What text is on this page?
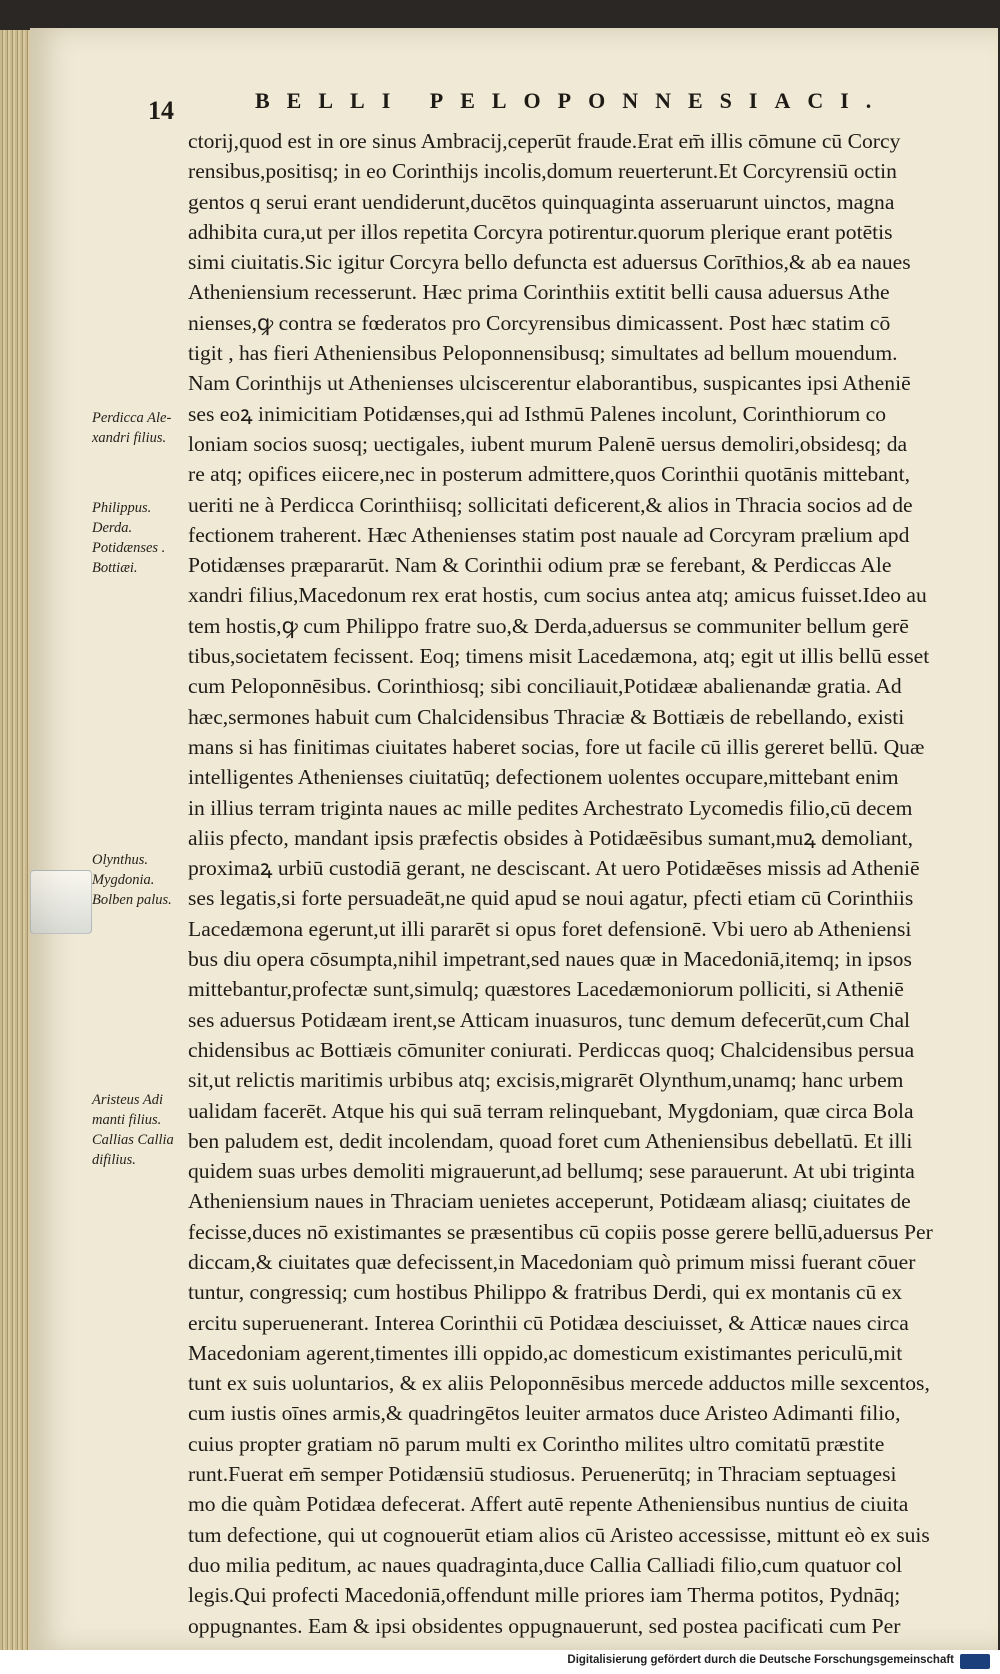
14	BELLI PELOPONNESIACI.
ctorij,quod est in ore sinus Ambracij,ceperūt fraude.Erat em̄ illis cōmune cū Corcy
rensibus,positisq; in eo Corinthijs incolis,domum reuerterunt.Et Corcyrensiū octin
gentos q serui erant uendiderunt,ducētos quinquaginta asseruarunt uinctos, magna
adhibita cura,ut per illos repetita Corcyra potirentur.quorum plerique erant potētis
simi ciuitatis.Sic igitur Corcyra bello defuncta est aduersus Corīthios,& ab ea naues
Atheniensium recesserunt. Hæc prima Corinthiis extitit belli causa aduersus Athe
nienses,ꝙ contra se fœderatos pro Corcyrensibus dimicassent. Post hæc statim cō
tigit , has fieri Atheniensibus Peloponnensibusq; simultates ad bellum mouendum.
Nam Corinthijs ut Athenienses ulciscerentur elaborantibus, suspicantes ipsi Atheniē
ses eoꝝ inimicitiam Potidænses,qui ad Isthmū Palenes incolunt, Corinthiorum co
loniam socios suosq; uectigales, iubent murum Palenē uersus demoliri,obsidesq; da
re atq; opifices eiicere,nec in posterum admittere,quos Corinthii quotānis mittebant,
ueriti ne à Perdicca Corinthiisq; sollicitati deficerent,& alios in Thracia socios ad de
fectionem traherent. Hæc Athenienses statim post nauale ad Corcyram prælium apd
Potidænses præpararūt. Nam & Corinthii odium præ se ferebant, & Perdiccas Ale
xandri filius,Macedonum rex erat hostis, cum socius antea atq; amicus fuisset.Ideo au
tem hostis,ꝙ cum Philippo fratre suo,& Derda,aduersus se communiter bellum gerē
tibus,societatem fecissent. Eoq; timens misit Lacedæmona, atq; egit ut illis bellū esset
cum Peloponnēsibus. Corinthiosq; sibi conciliauit,Potidææ abalienandæ gratia. Ad
hæc,sermones habuit cum Chalcidensibus Thraciæ & Bottiæis de rebellando, existi
mans si has finitimas ciuitates haberet socias, fore ut facile cū illis gereret bellū. Quæ
intelligentes Athenienses ciuitatūq; defectionem uolentes occupare,mittebant enim
in illius terram triginta naues ac mille pedites Archestrato Lycomedis filio,cū decem
aliis pfecto, mandant ipsis præfectis obsides à Potidæēsibus sumant,muꝝ demoliant,
proximaꝝ urbiū custodiā gerant, ne desciscant. At uero Potidæēses missis ad Atheniē
ses legatis,si forte persuadeāt,ne quid apud se noui agatur, pfecti etiam cū Corinthiis
Lacedæmona egerunt,ut illi pararēt si opus foret defensionē. Vbi uero ab Atheniensi
bus diu opera cōsumpta,nihil impetrant,sed naues quæ in Macedoniā,itemq; in ipsos
mittebantur,profectæ sunt,simulq; quæstores Lacedæmoniorum polliciti, si Atheniē
ses aduersus Potidæam irent,se Atticam inuasuros, tunc demum defecerūt,cum Chal
chidensibus ac Bottiæis cōmuniter coniurati. Perdiccas quoq; Chalcidensibus persua
sit,ut relictis maritimis urbibus atq; excisis,migrarēt Olynthum,unamq; hanc urbem
ualidam facerēt. Atque his qui suā terram relinquebant, Mygdoniam, quæ circa Bola
ben paludem est, dedit incolendam, quoad foret cum Atheniensibus debellatū. Et illi
quidem suas urbes demoliti migrauerunt,ad bellumq; sese parauerunt. At ubi triginta
Atheniensium naues in Thraciam uenietes acceperunt, Potidæam aliasq; ciuitates de
fecisse,duces nō existimantes se præsentibus cū copiis posse gerere bellū,aduersus Per
diccam,& ciuitates quæ defecissent,in Macedoniam quò primum missi fuerant cōuer
tuntur, congressiq; cum hostibus Philippo & fratribus Derdi, qui ex montanis cū ex
ercitu superuenerant. Interea Corinthii cū Potidæa desciuisset, & Atticæ naues circa
Macedoniam agerent,timentes illi oppido,ac domesticum existimantes periculū,mit
tunt ex suis uoluntarios, & ex aliis Peloponnēsibus mercede adductos mille sexcentos,
cum iustis oīnes armis,& quadringētos leuiter armatos duce Aristeo Adimanti filio,
cuius propter gratiam nō parum multi ex Corintho milites ultro comitatū præstite
runt.Fuerat em̄ semper Potidænsiū studiosus. Peruenerūtq; in Thraciam septuagesi
mo die quàm Potidæa defecerat. Affert autē repente Atheniensibus nuntius de ciuita
tum defectione, qui ut cognouerūt etiam alios cū Aristeo accessisse, mittunt eò ex suis
duo milia peditum, ac naues quadraginta,duce Callia Calliadi filio,cum quatuor col
legis.Qui profecti Macedoniā,offendunt mille priores iam Therma potitos, Pydnāq;
oppugnantes. Eam & ipsi obsidentes oppugnauerunt, sed postea pacificati cum Per
Perdicca Ale-
xandri filius.
Philippus.
Derda.
Potidænses .
Bottiæi.
Olynthus.
Mygdonia.
Bolben palus.
Aristeus Adi
manti filius.
Callias Callia
difilius.
Digitalisierung gefördert durch die Deutsche Forschungsgemeinschaft
